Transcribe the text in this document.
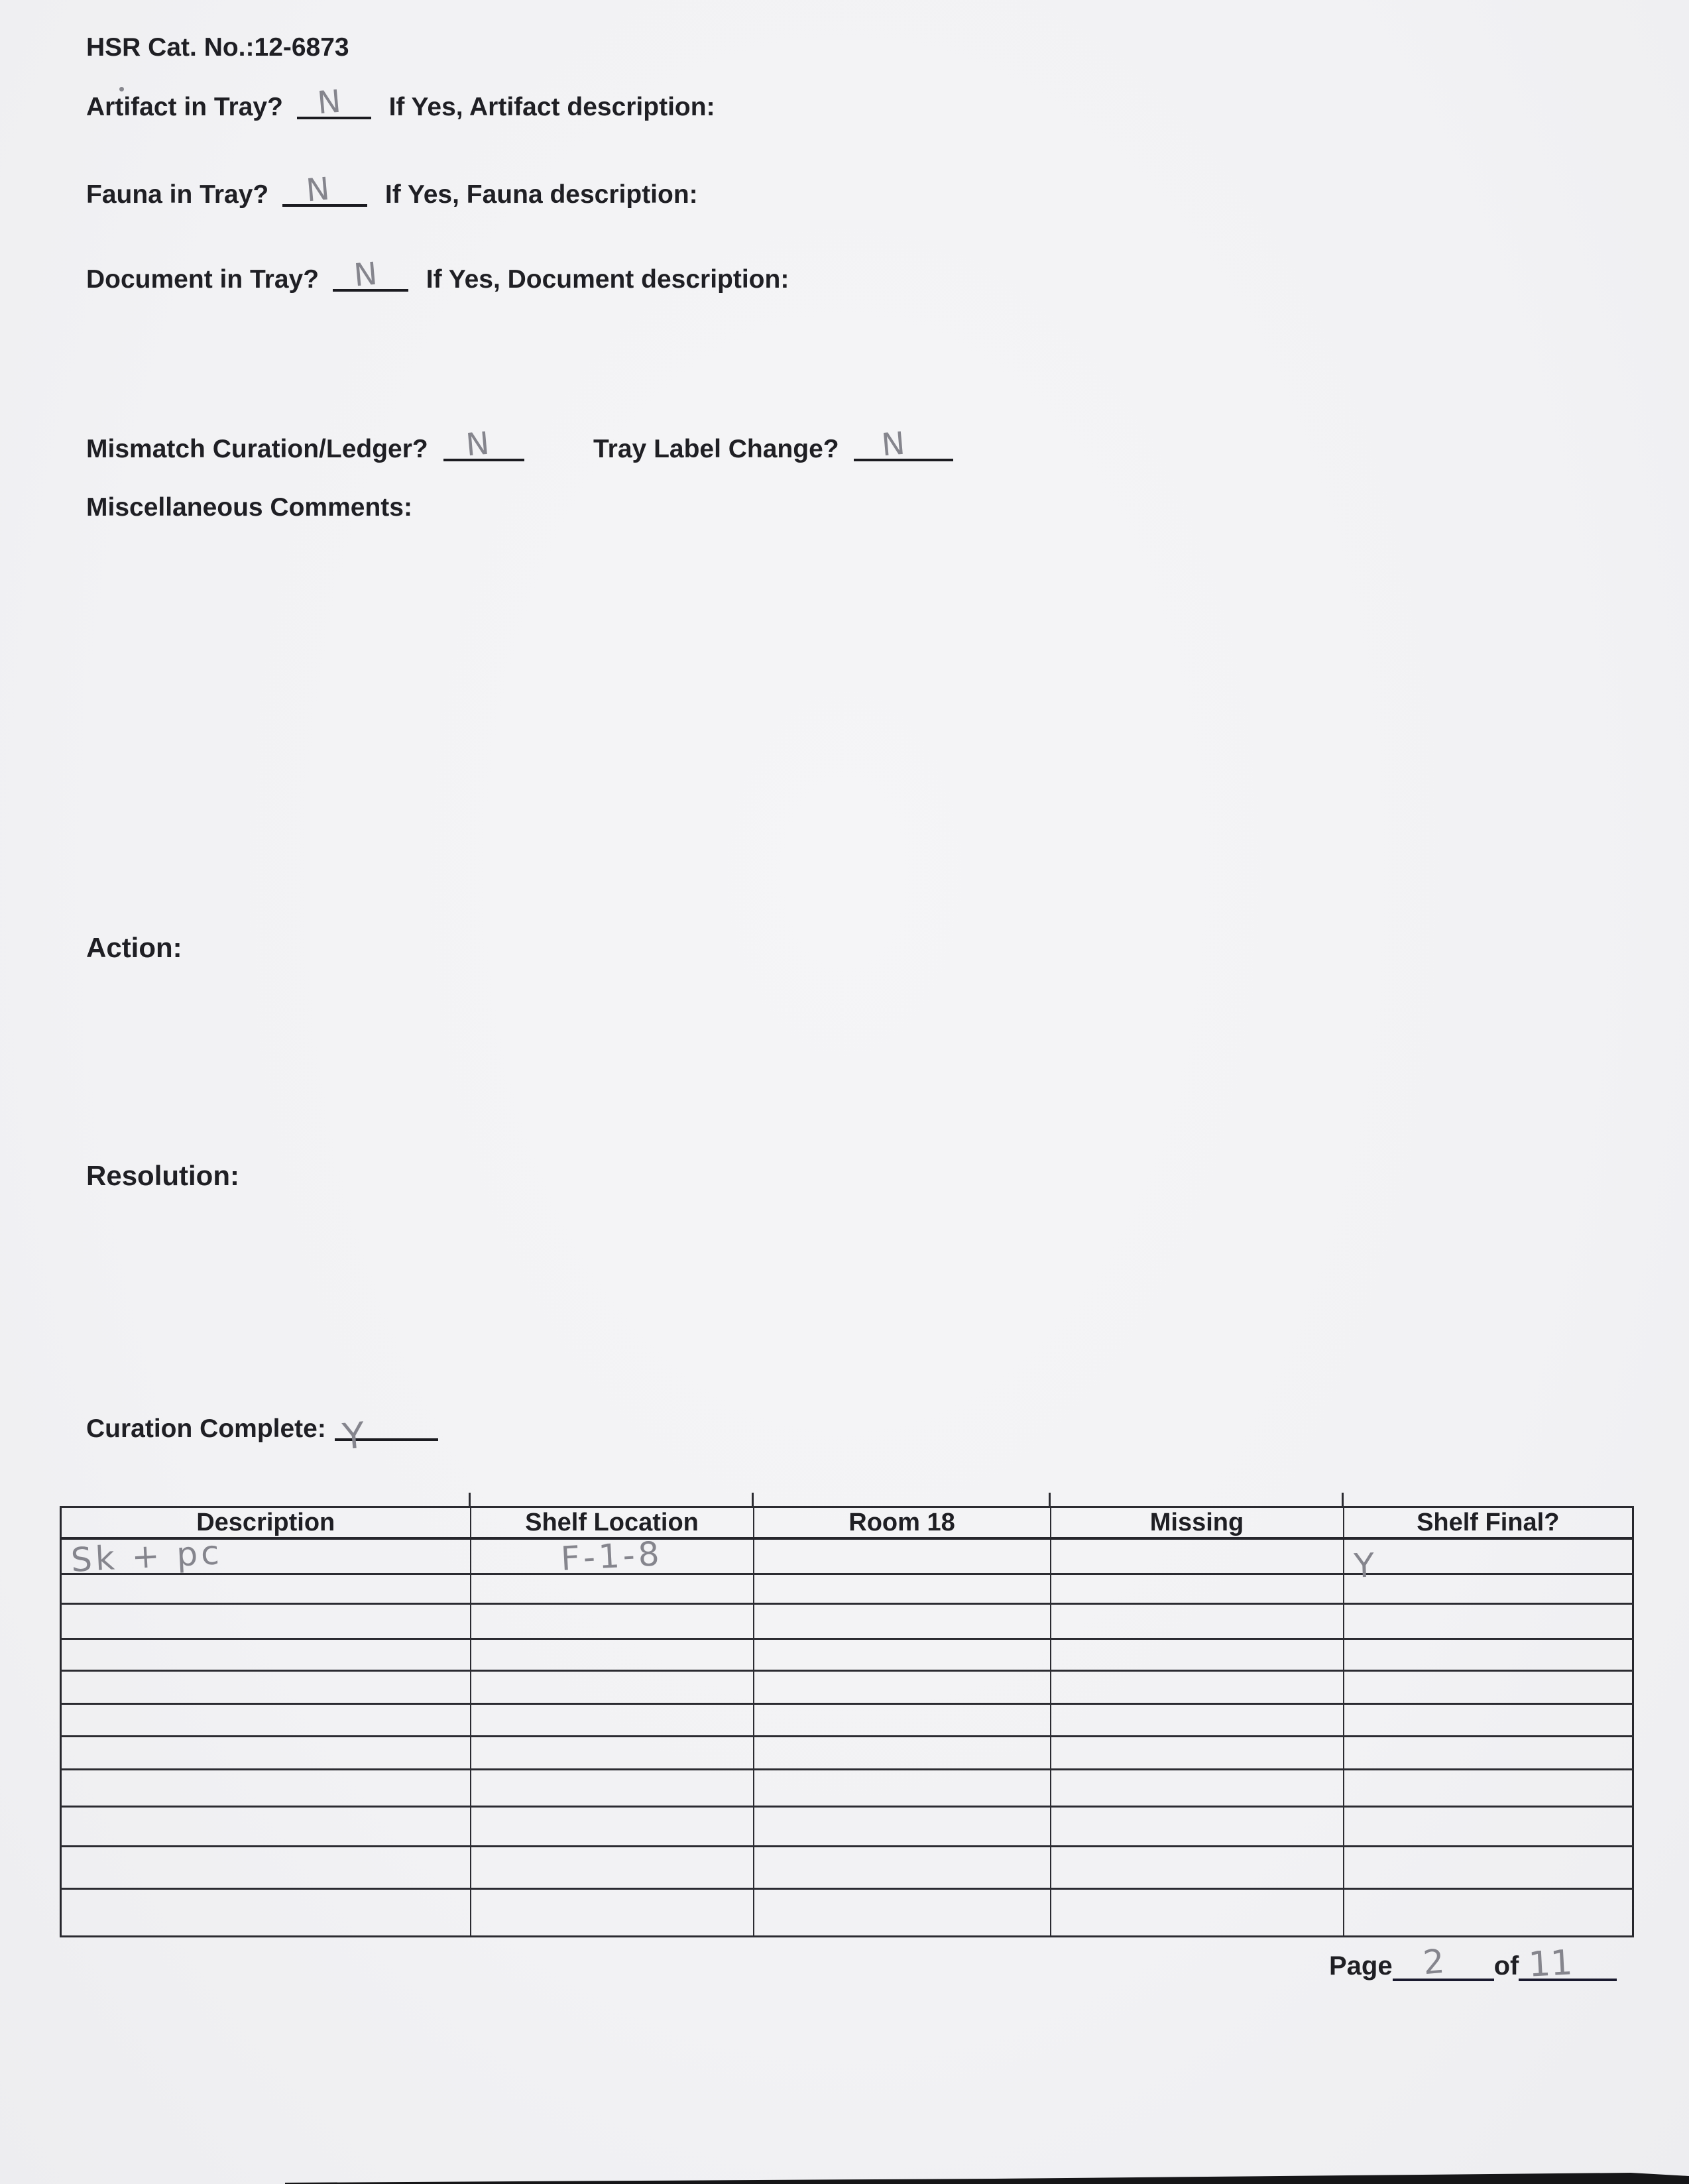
HSR Cat. No.:12-6873
Artifact in Tray? N If Yes, Artifact description:
Fauna in Tray? N If Yes, Fauna description:
Document in Tray? N If Yes, Document description:
Mismatch Curation/Ledger? N	Tray Label Change? N
Miscellaneous Comments:
Action:
Resolution:
Curation Complete: Y
Description	Shelf Location	Room 18	Missing	Shelf Final?
Sk + pc	F-1-8			Y

Page 2 of 11
